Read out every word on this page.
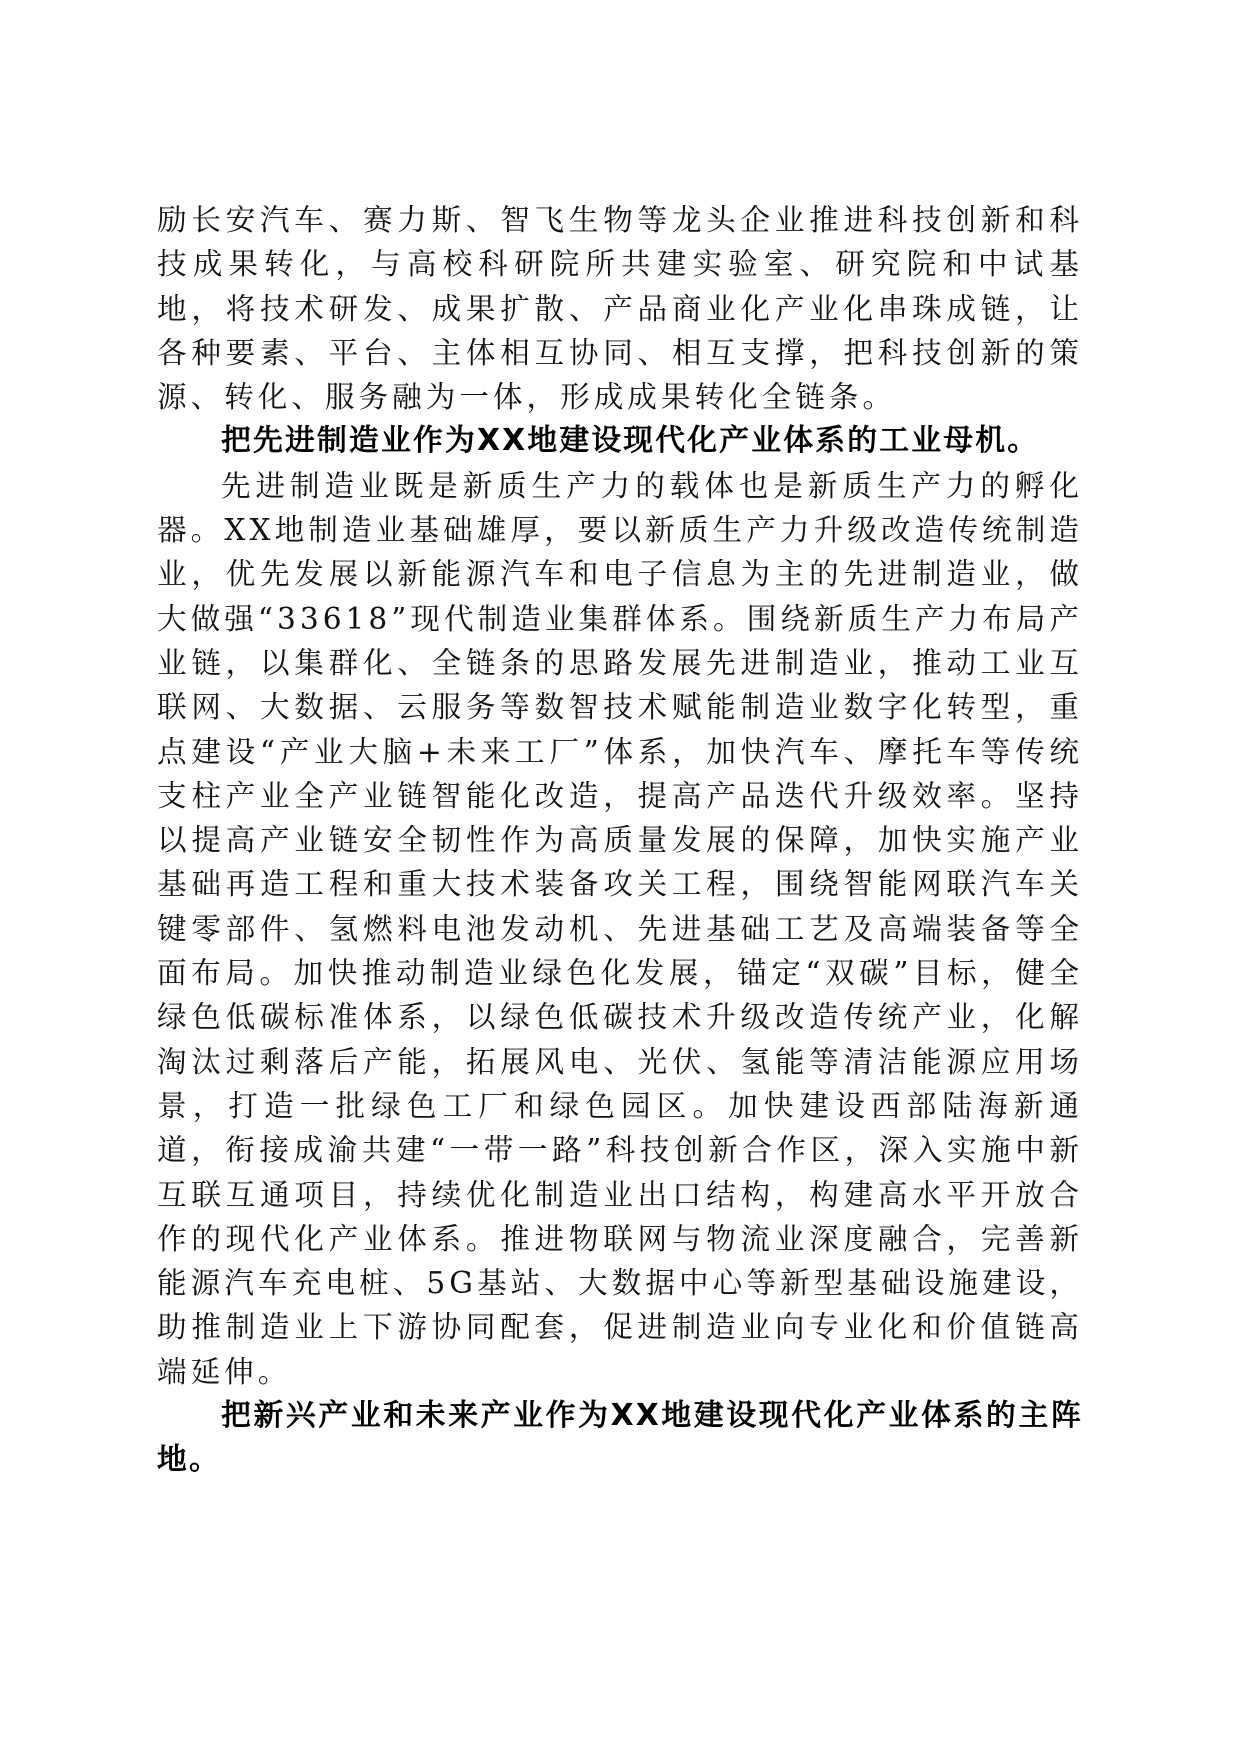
励长安汽车、赛力斯、智飞生物等龙头企业推进科技创新和科技成果转化，与高校科研院所共建实验室、研究院和中试基地，将技术研发、成果扩散、产品商业化产业化串珠成链，让各种要素、平台、主体相互协同、相互支撑，把科技创新的策源、转化、服务融为一体，形成成果转化全链条。

把先进制造业作为XX地建设现代化产业体系的工业母机。

先进制造业既是新质生产力的载体也是新质生产力的孵化器。XX地制造业基础雄厚，要以新质生产力升级改造传统制造业，优先发展以新能源汽车和电子信息为主的先进制造业，做大做强“33618”现代制造业集群体系。围绕新质生产力布局产业链，以集群化、全链条的思路发展先进制造业，推动工业互联网、大数据、云服务等数智技术赋能制造业数字化转型，重点建设“产业大脑+未来工厂”体系，加快汽车、摩托车等传统支柱产业全产业链智能化改造，提高产品迭代升级效率。坚持以提高产业链安全韧性作为高质量发展的保障，加快实施产业基础再造工程和重大技术装备攻关工程，围绕智能网联汽车关键零部件、氢燃料电池发动机、先进基础工艺及高端装备等全面布局。加快推动制造业绿色化发展，锚定“双碳”目标，健全绿色低碳标准体系，以绿色低碳技术升级改造传统产业，化解淘汰过剩落后产能，拓展风电、光伏、氢能等清洁能源应用场景，打造一批绿色工厂和绿色园区。加快建设西部陆海新通道，衔接成渝共建“一带一路”科技创新合作区，深入实施中新互联互通项目，持续优化制造业出口结构，构建高水平开放合作的现代化产业体系。推进物联网与物流业深度融合，完善新能源汽车充电桩、5G基站、大数据中心等新型基础设施建设，助推制造业上下游协同配套，促进制造业向专业化和价值链高端延伸。

把新兴产业和未来产业作为XX地建设现代化产业体系的主阵地。
